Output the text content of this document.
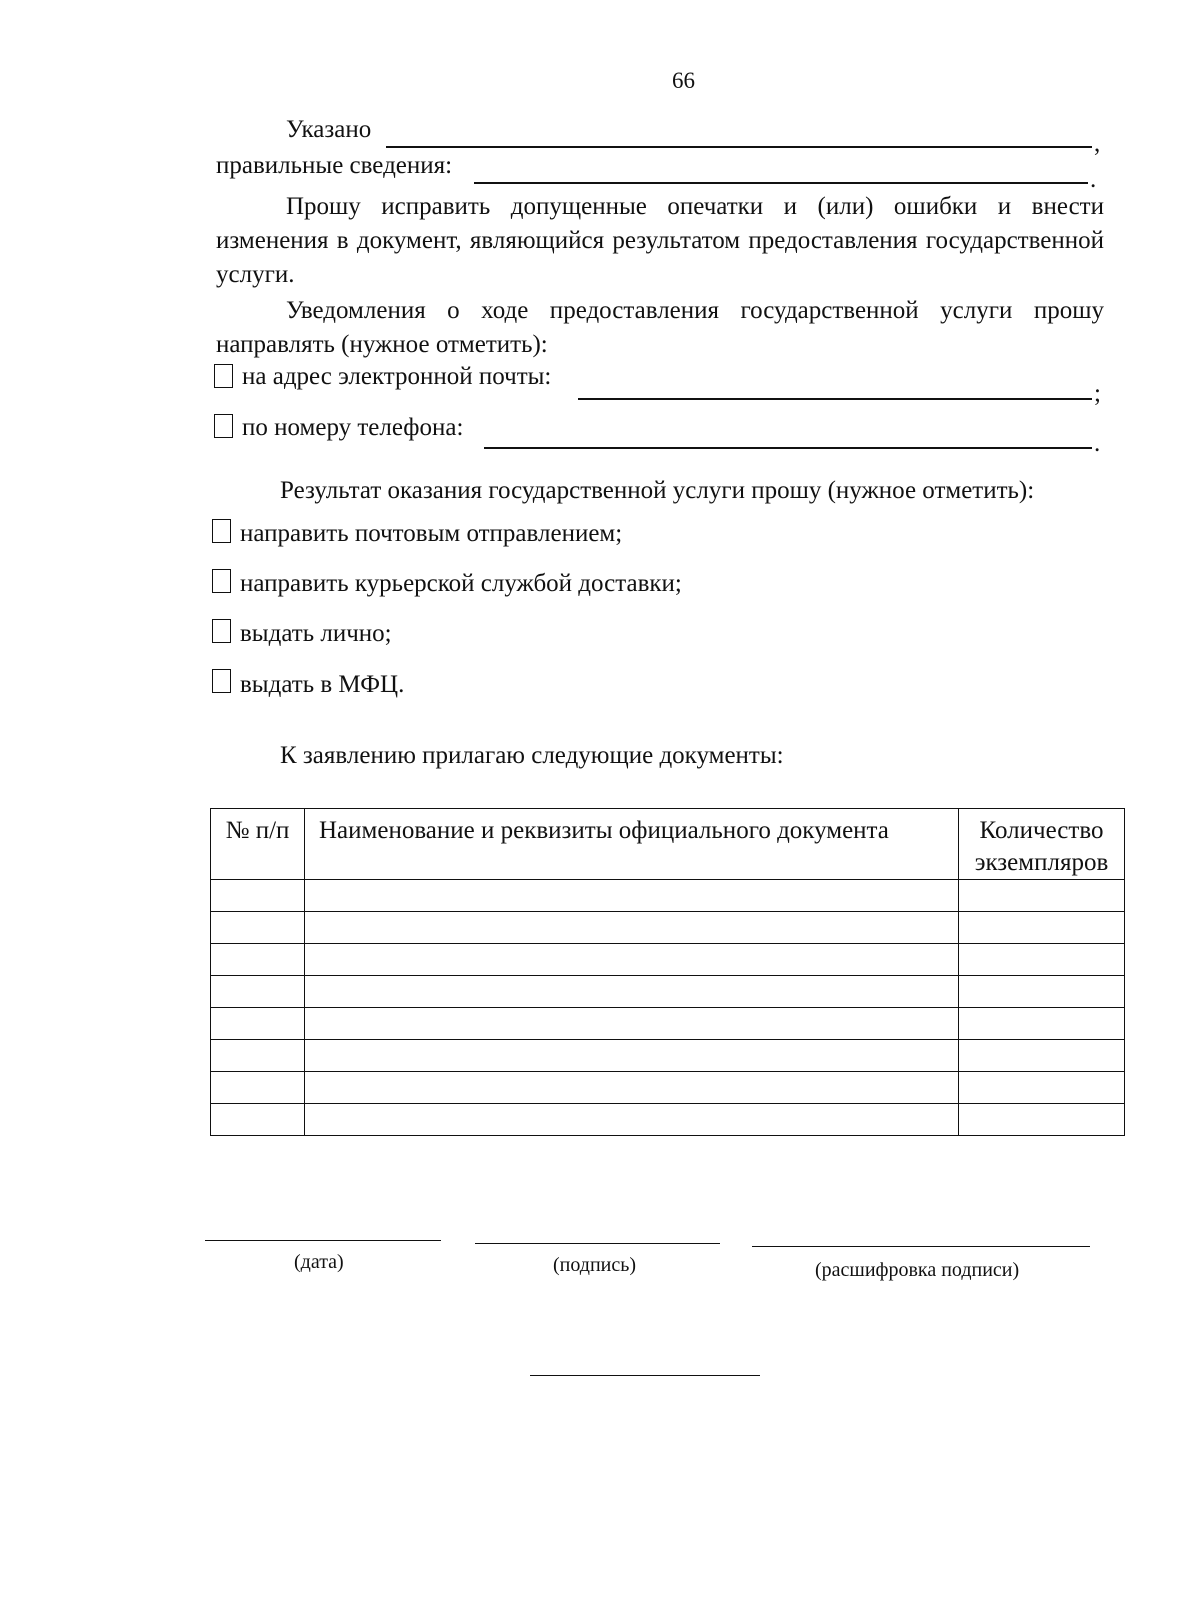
66
Указано
,
правильные сведения:
.
Прошу исправить допущенные опечатки и (или) ошибки и внести изменения в документ, являющийся результатом предоставления государственной услуги.
Уведомления о ходе предоставления государственной услуги прошу направлять (нужное отметить):
на адрес электронной почты:
;
по номеру телефона:
.
Результат оказания государственной услуги прошу (нужное отметить):
направить почтовым отправлением;
направить курьерской службой доставки;
выдать лично;
выдать в МФЦ.
К заявлению прилагаю следующие документы:
№ п/п	Наименование и реквизиты официального документа	Количество экземпляров

(дата)	(подпись)	(расшифровка подписи)
